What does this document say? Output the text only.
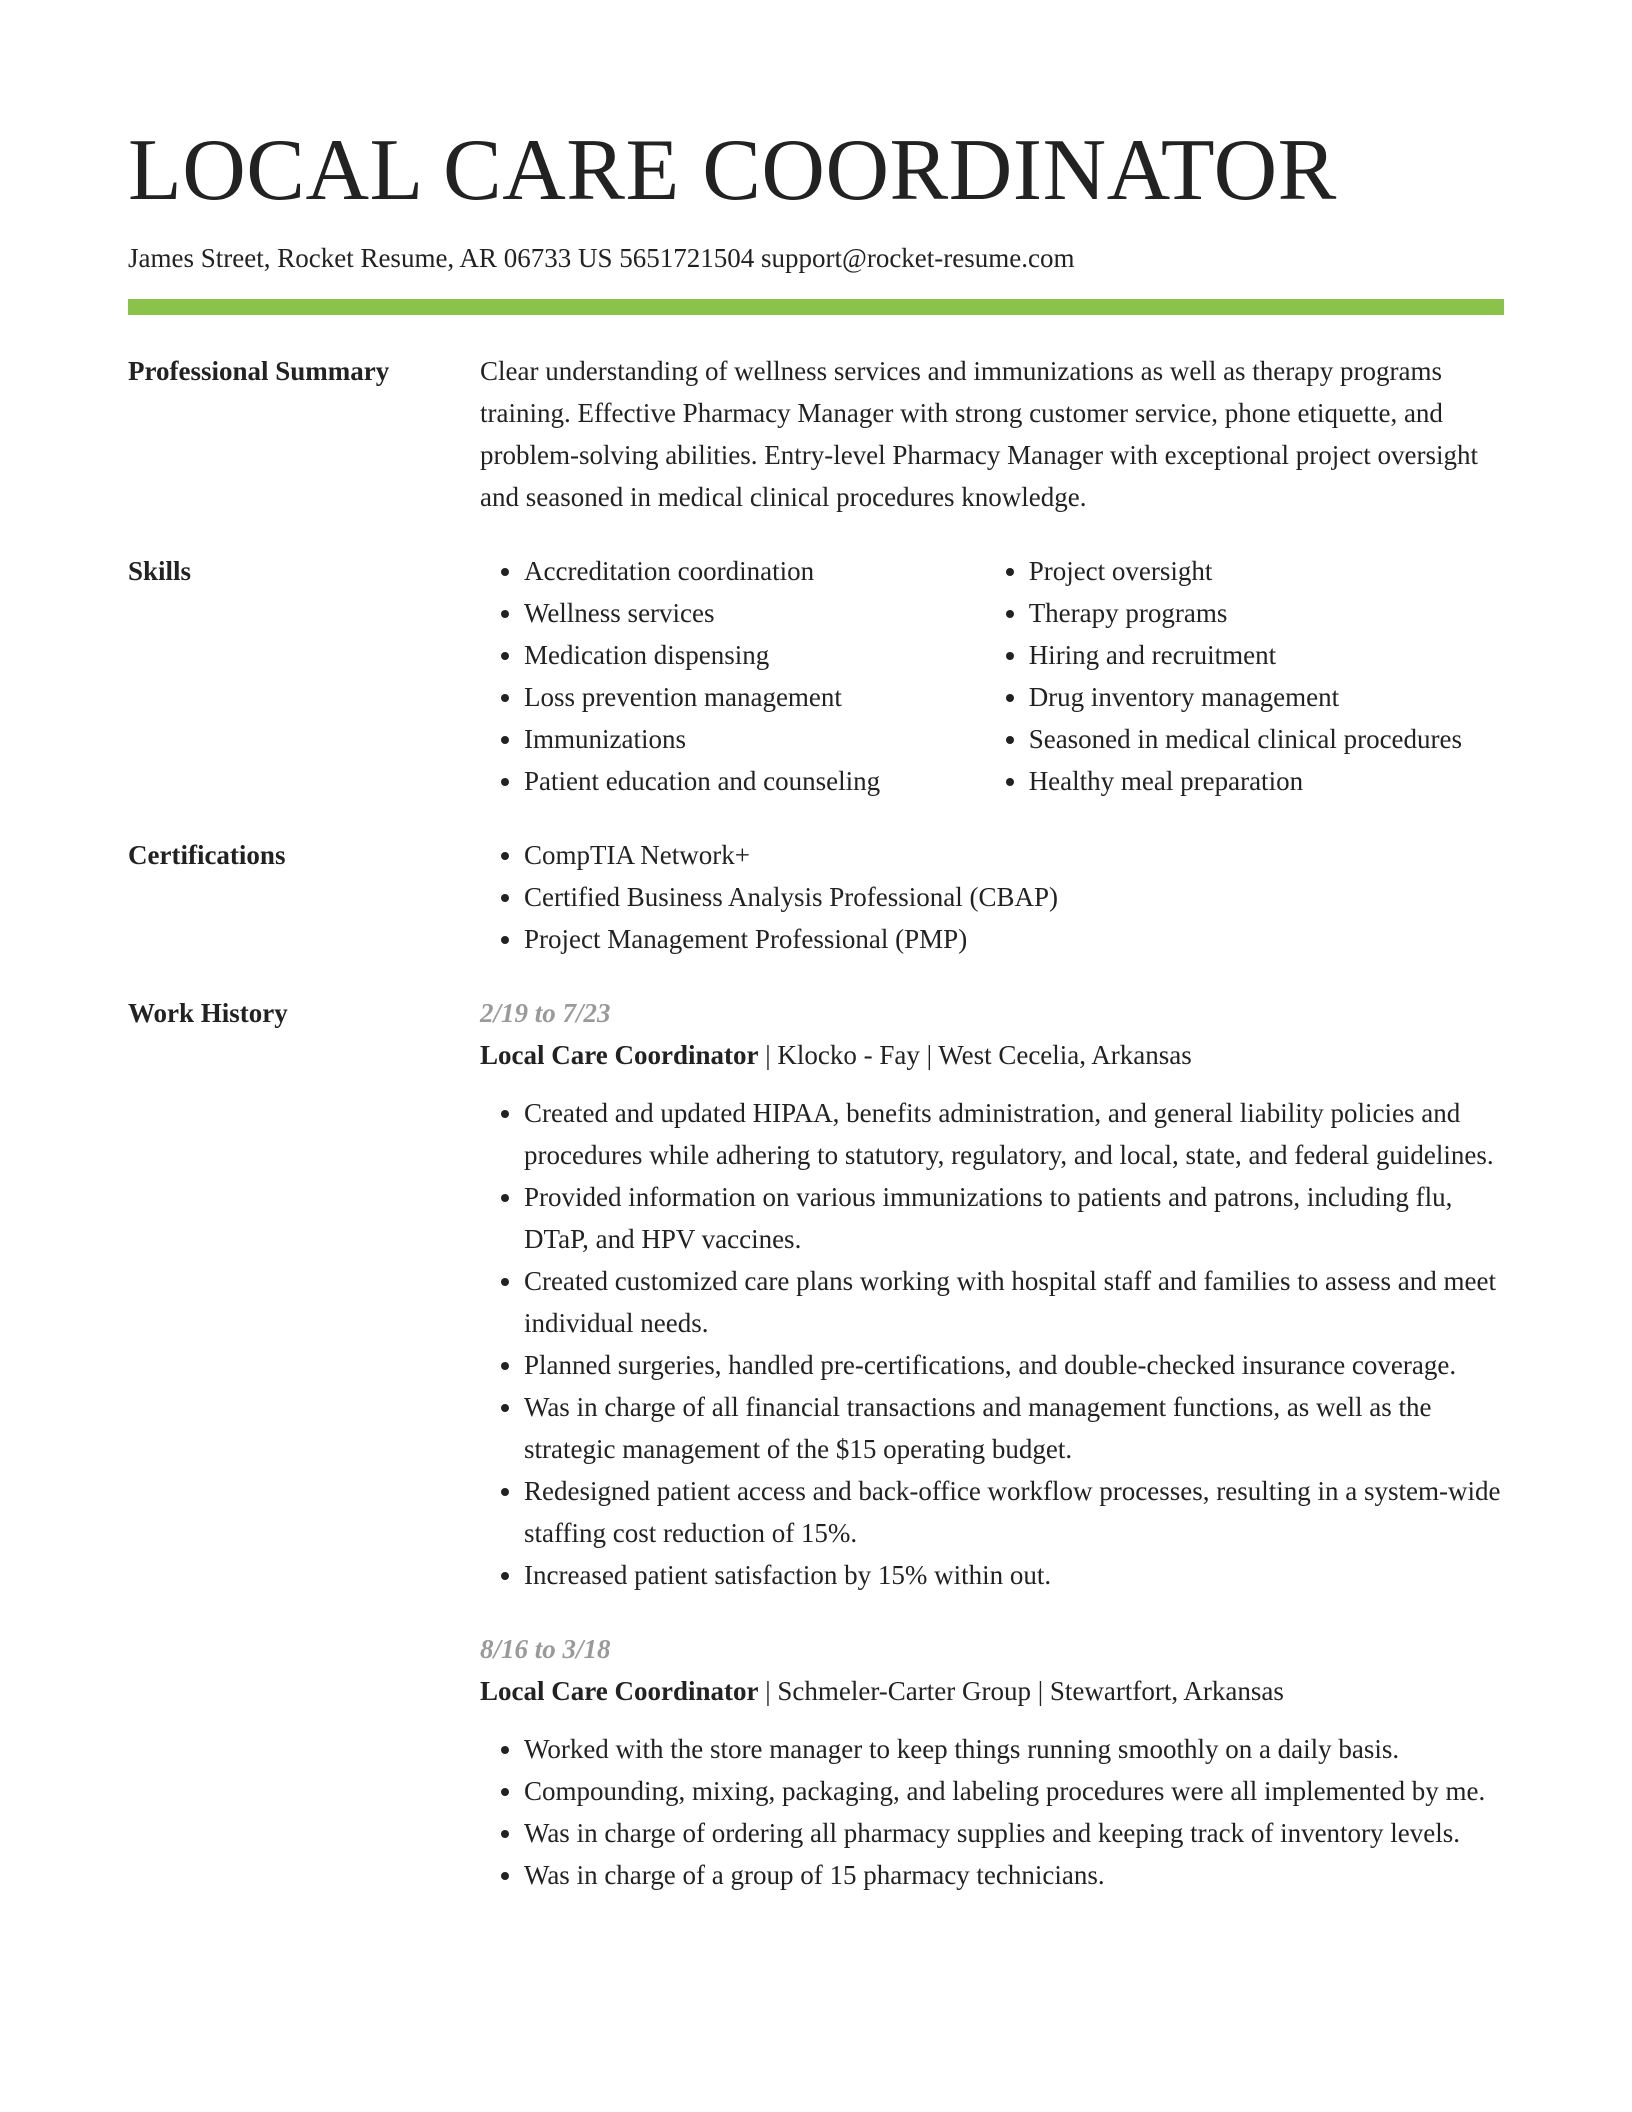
LOCAL CARE COORDINATOR
James Street, Rocket Resume, AR 06733 US 5651721504 support@rocket-resume.com
Professional Summary	Clear understanding of wellness services and immunizations as well as therapy programs training. Effective Pharmacy Manager with strong customer service, phone etiquette, and problem-solving abilities. Entry-level Pharmacy Manager with exceptional project oversight and seasoned in medical clinical procedures knowledge.

Skills	• Accreditation coordination
• Wellness services
• Medication dispensing
• Loss prevention management
• Immunizations
• Patient education and counseling
• Project oversight
• Therapy programs
• Hiring and recruitment
• Drug inventory management
• Seasoned in medical clinical procedures
• Healthy meal preparation
Certifications	• CompTIA Network+
• Certified Business Analysis Professional (CBAP)
• Project Management Professional (PMP)
Work History	2/19 to 7/23
Local Care Coordinator | Klocko - Fay | West Cecelia, Arkansas
• Created and updated HIPAA, benefits administration, and general liability policies and procedures while adhering to statutory, regulatory, and local, state, and federal guidelines.
• Provided information on various immunizations to patients and patrons, including flu, DTaP, and HPV vaccines.
• Created customized care plans working with hospital staff and families to assess and meet individual needs.
• Planned surgeries, handled pre-certifications, and double-checked insurance coverage.
• Was in charge of all financial transactions and management functions, as well as the strategic management of the $15 operating budget.
• Redesigned patient access and back-office workflow processes, resulting in a system-wide staffing cost reduction of 15%.
• Increased patient satisfaction by 15% within out.
8/16 to 3/18
Local Care Coordinator | Schmeler-Carter Group | Stewartfort, Arkansas
• Worked with the store manager to keep things running smoothly on a daily basis.
• Compounding, mixing, packaging, and labeling procedures were all implemented by me.
• Was in charge of ordering all pharmacy supplies and keeping track of inventory levels.
• Was in charge of a group of 15 pharmacy technicians.
